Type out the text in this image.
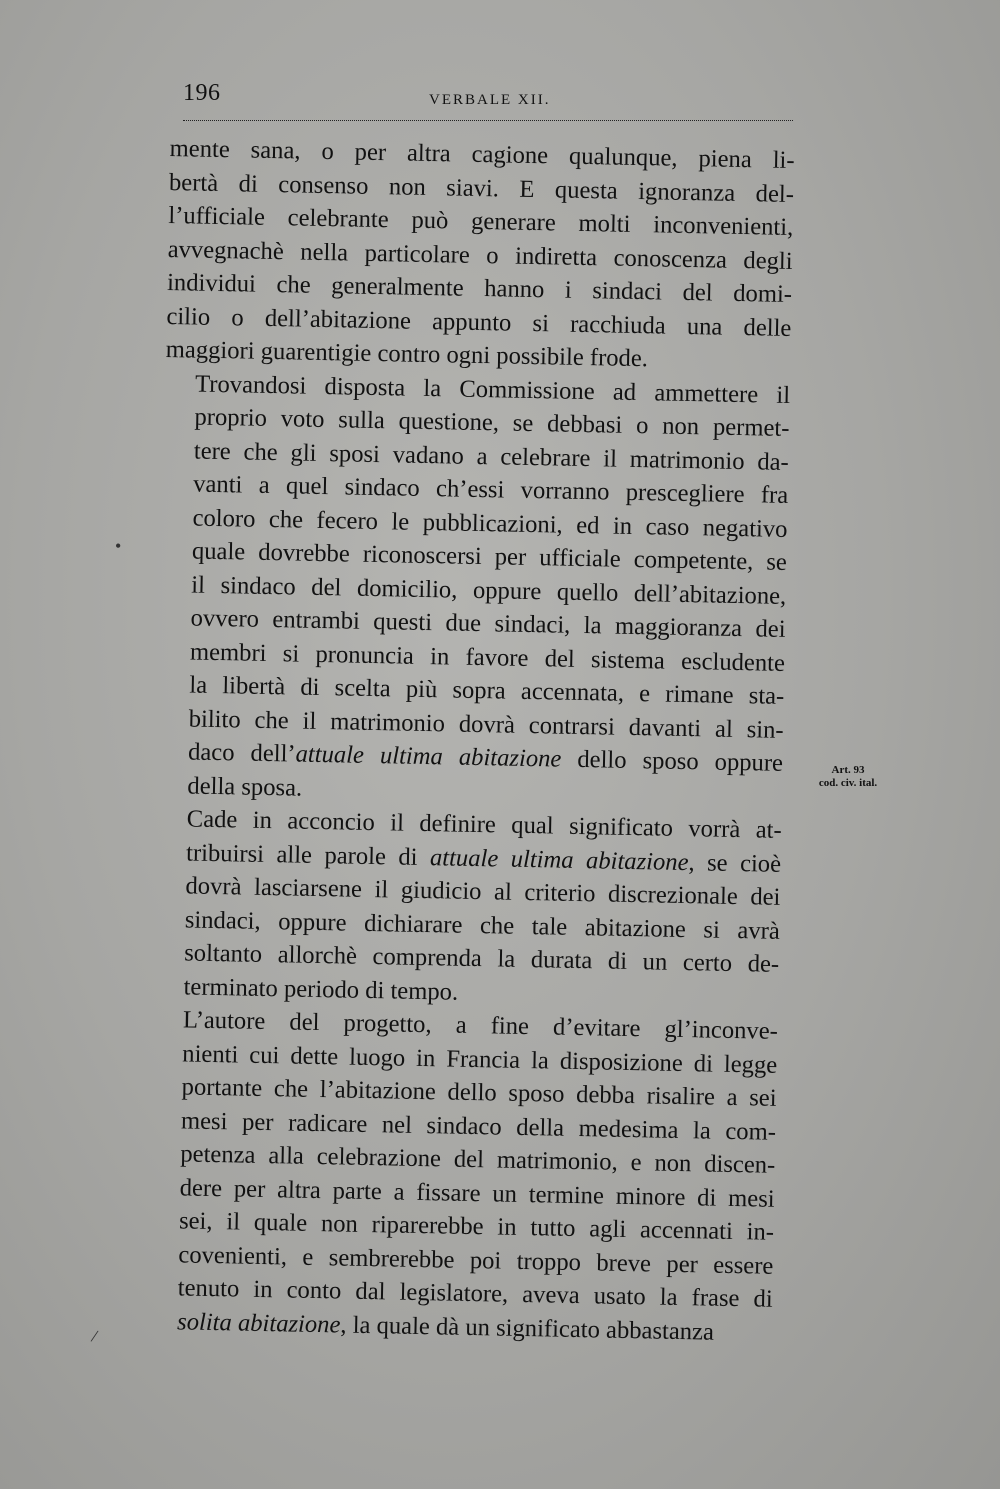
196	VERBALE XII.

mente sana, o per altra cagione qualunque, piena li-
bertà di consenso non siavi. E questa ignoranza del-
l’ufficiale celebrante può generare molti inconvenienti,
avvegnachè nella particolare o indiretta conoscenza degli
individui che generalmente hanno i sindaci del domi-
cilio o dell’abitazione appunto si racchiuda una delle
maggiori guarentigie contro ogni possibile frode.

Trovandosi disposta la Commissione ad ammettere il
proprio voto sulla questione, se debbasi o non permet-
tere che gli sposi vadano a celebrare il matrimonio da-
vanti a quel sindaco ch’essi vorranno prescegliere fra
coloro che fecero le pubblicazioni, ed in caso negativo
quale dovrebbe riconoscersi per ufficiale competente, se
il sindaco del domicilio, oppure quello dell’abitazione,
ovvero entrambi questi due sindaci, la maggioranza dei
membri si pronuncia in favore del sistema escludente
la libertà di scelta più sopra accennata, e rimane sta-
bilito che il matrimonio dovrà contrarsi davanti al sin-
daco dell’attuale ultima abitazione dello sposo oppure
della sposa.

Cade in acconcio il definire qual significato vorrà at-
tribuirsi alle parole di attuale ultima abitazione, se cioè
dovrà lasciarsene il giudicio al criterio discrezionale dei
sindaci, oppure dichiarare che tale abitazione si avrà
soltanto allorchè comprenda la durata di un certo de-
terminato periodo di tempo.

L’autore del progetto, a fine d’evitare gl’inconve-
nienti cui dette luogo in Francia la disposizione di legge
portante che l’abitazione dello sposo debba risalire a sei
mesi per radicare nel sindaco della medesima la com-
petenza alla celebrazione del matrimonio, e non discen-
dere per altra parte a fissare un termine minore di mesi
sei, il quale non riparerebbe in tutto agli accennati in-
covenienti, e sembrerebbe poi troppo breve per essere
tenuto in conto dal legislatore, aveva usato la frase di
solita abitazione, la quale dà un significato abbastanza

Art. 93
cod. civ. ital.
•
/
